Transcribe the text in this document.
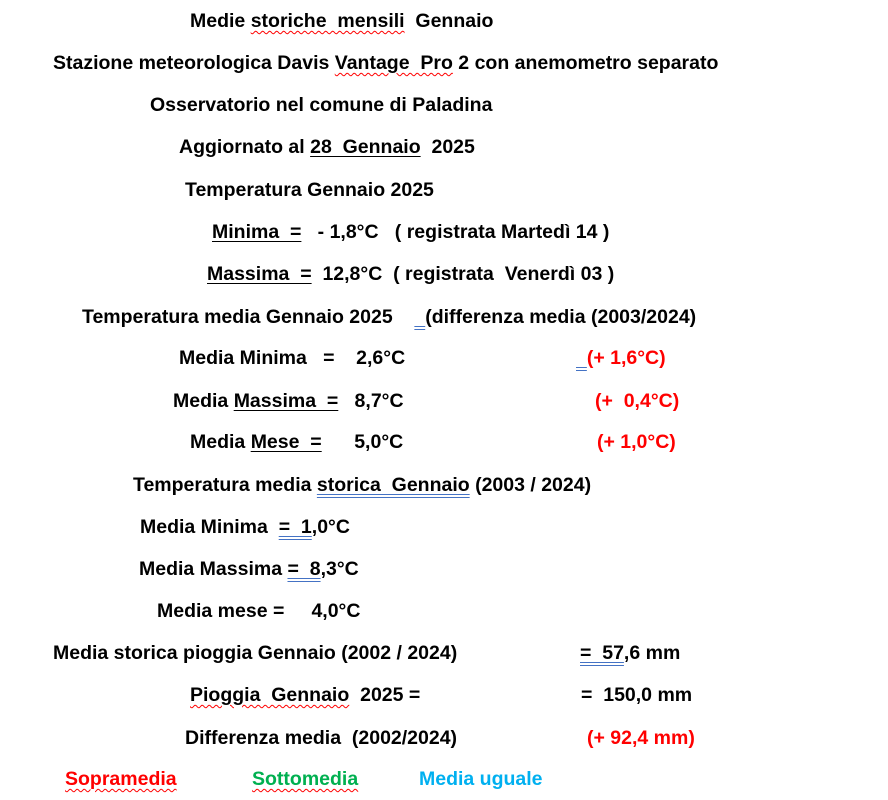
Medie storiche  mensili  Gennaio
Stazione meteorologica Davis Vantage  Pro 2 con anemometro separato
Osservatorio nel comune di Paladina
Aggiornato al 28  Gennaio  2025
Temperatura Gennaio 2025
Minima  =   - 1,8°C   ( registrata Martedì 14 )
Massima  =  12,8°C  ( registrata  Venerdì 03 )
Temperatura media Gennaio 2025      (differenza media (2003/2024)
Media Minima   =    2,6°C	(+ 1,6°C)
Media Massima  =   8,7°C	(+  0,4°C)
Media Mese  =      5,0°C	(+ 1,0°C)
Temperatura media storica  Gennaio (2003 / 2024)
Media Minima  =  1,0°C
Media Massima =  8,3°C
Media mese =     4,0°C
Media storica pioggia Gennaio (2002 / 2024)	=  57,6 mm
Pioggia  Gennaio  2025 =	=  150,0 mm
Differenza media  (2002/2024)	(+ 92,4 mm)
Sopramedia	Sottomedia	Media uguale
